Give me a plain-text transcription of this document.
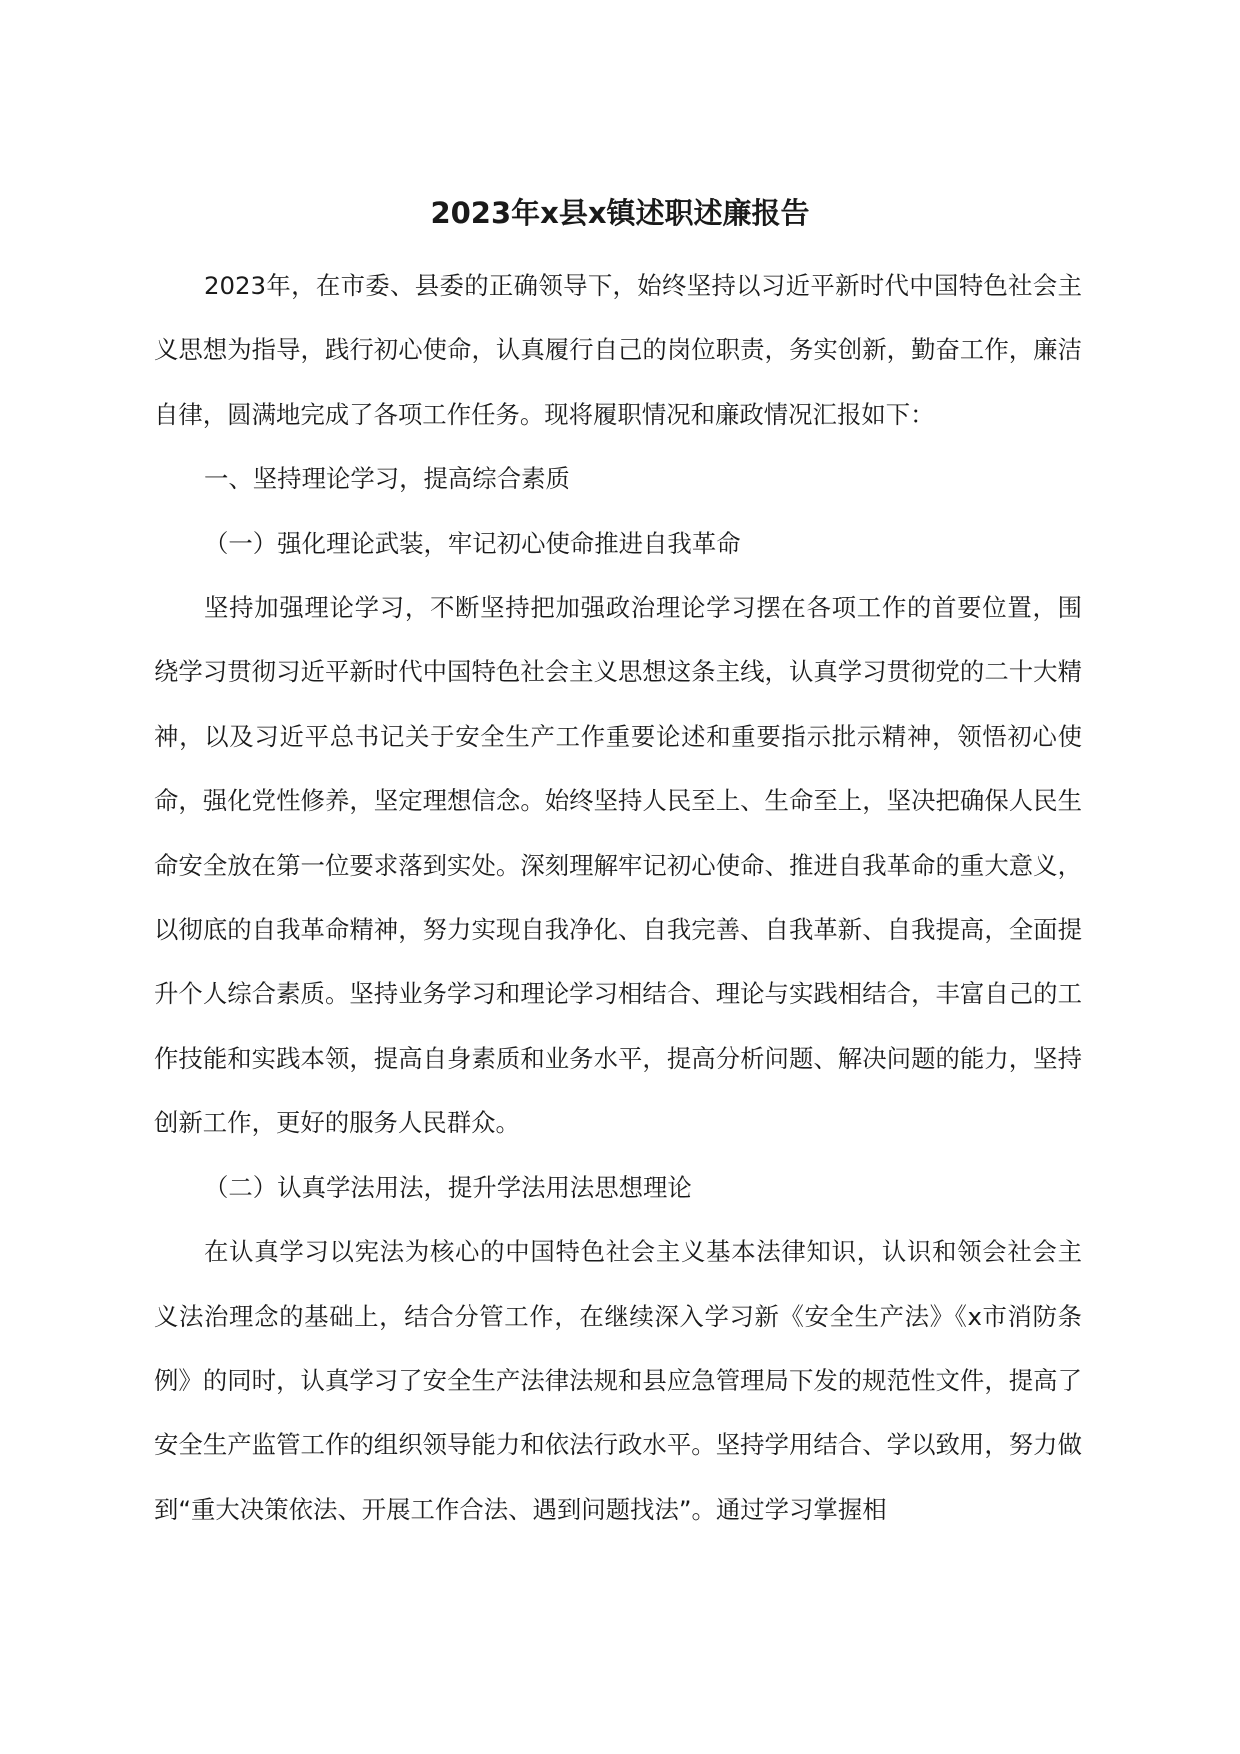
2023年x县x镇述职述廉报告

2023年，在市委、县委的正确领导下，始终坚持以习近平新时代中国特色社会主义思想为指导，践行初心使命，认真履行自己的岗位职责，务实创新，勤奋工作，廉洁自律，圆满地完成了各项工作任务。现将履职情况和廉政情况汇报如下：

一、坚持理论学习，提高综合素质

（一）强化理论武装，牢记初心使命推进自我革命

坚持加强理论学习，不断坚持把加强政治理论学习摆在各项工作的首要位置，围绕学习贯彻习近平新时代中国特色社会主义思想这条主线，认真学习贯彻党的二十大精神，以及习近平总书记关于安全生产工作重要论述和重要指示批示精神，领悟初心使命，强化党性修养，坚定理想信念。始终坚持人民至上、生命至上，坚决把确保人民生命安全放在第一位要求落到实处。深刻理解牢记初心使命、推进自我革命的重大意义，以彻底的自我革命精神，努力实现自我净化、自我完善、自我革新、自我提高，全面提升个人综合素质。坚持业务学习和理论学习相结合、理论与实践相结合，丰富自己的工作技能和实践本领，提高自身素质和业务水平，提高分析问题、解决问题的能力，坚持创新工作，更好的服务人民群众。

（二）认真学法用法，提升学法用法思想理论

在认真学习以宪法为核心的中国特色社会主义基本法律知识，认识和领会社会主义法治理念的基础上，结合分管工作，在继续深入学习新《安全生产法》《x市消防条例》的同时，认真学习了安全生产法律法规和县应急管理局下发的规范性文件，提高了安全生产监管工作的组织领导能力和依法行政水平。坚持学用结合、学以致用，努力做到“重大决策依法、开展工作合法、遇到问题找法”。通过学习掌握相
